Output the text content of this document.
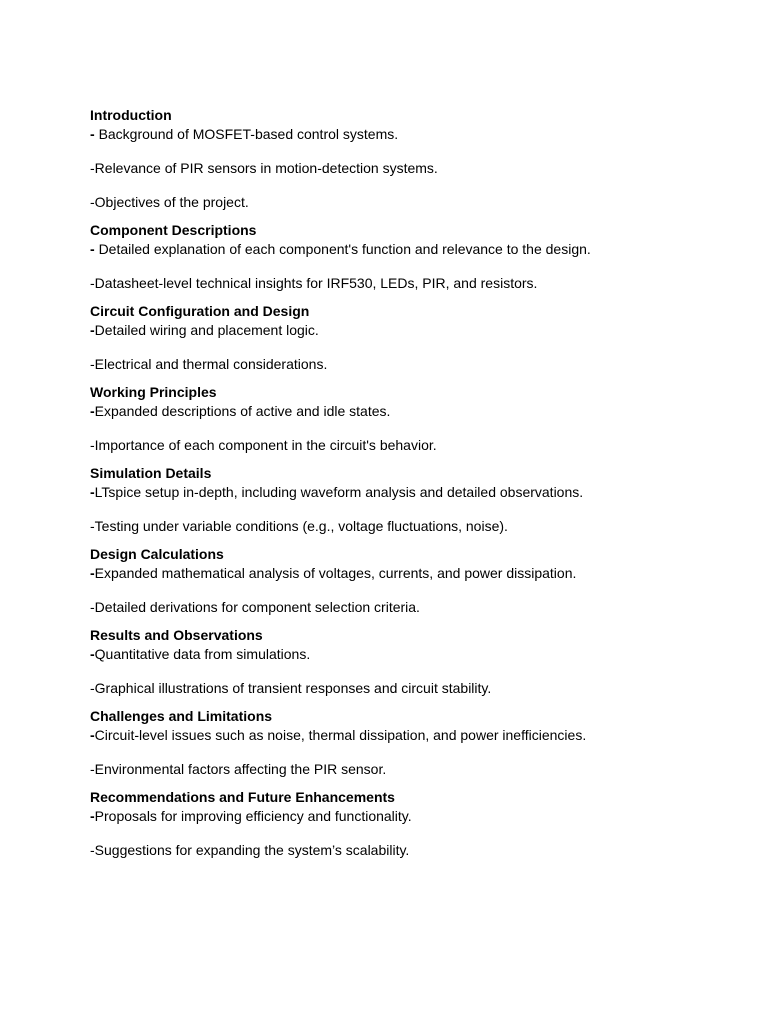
Introduction
- Background of MOSFET-based control systems.
-Relevance of PIR sensors in motion-detection systems.
-Objectives of the project.
Component Descriptions
- Detailed explanation of each component's function and relevance to the design.
-Datasheet-level technical insights for IRF530, LEDs, PIR, and resistors.
Circuit Configuration and Design
-Detailed wiring and placement logic.
-Electrical and thermal considerations.
Working Principles
-Expanded descriptions of active and idle states.
-Importance of each component in the circuit's behavior.
Simulation Details
-LTspice setup in-depth, including waveform analysis and detailed observations.
-Testing under variable conditions (e.g., voltage fluctuations, noise).
Design Calculations
-Expanded mathematical analysis of voltages, currents, and power dissipation.
-Detailed derivations for component selection criteria.
Results and Observations
-Quantitative data from simulations.
-Graphical illustrations of transient responses and circuit stability.
Challenges and Limitations
-Circuit-level issues such as noise, thermal dissipation, and power inefficiencies.
-Environmental factors affecting the PIR sensor.
Recommendations and Future Enhancements
-Proposals for improving efficiency and functionality.
-Suggestions for expanding the system’s scalability.
